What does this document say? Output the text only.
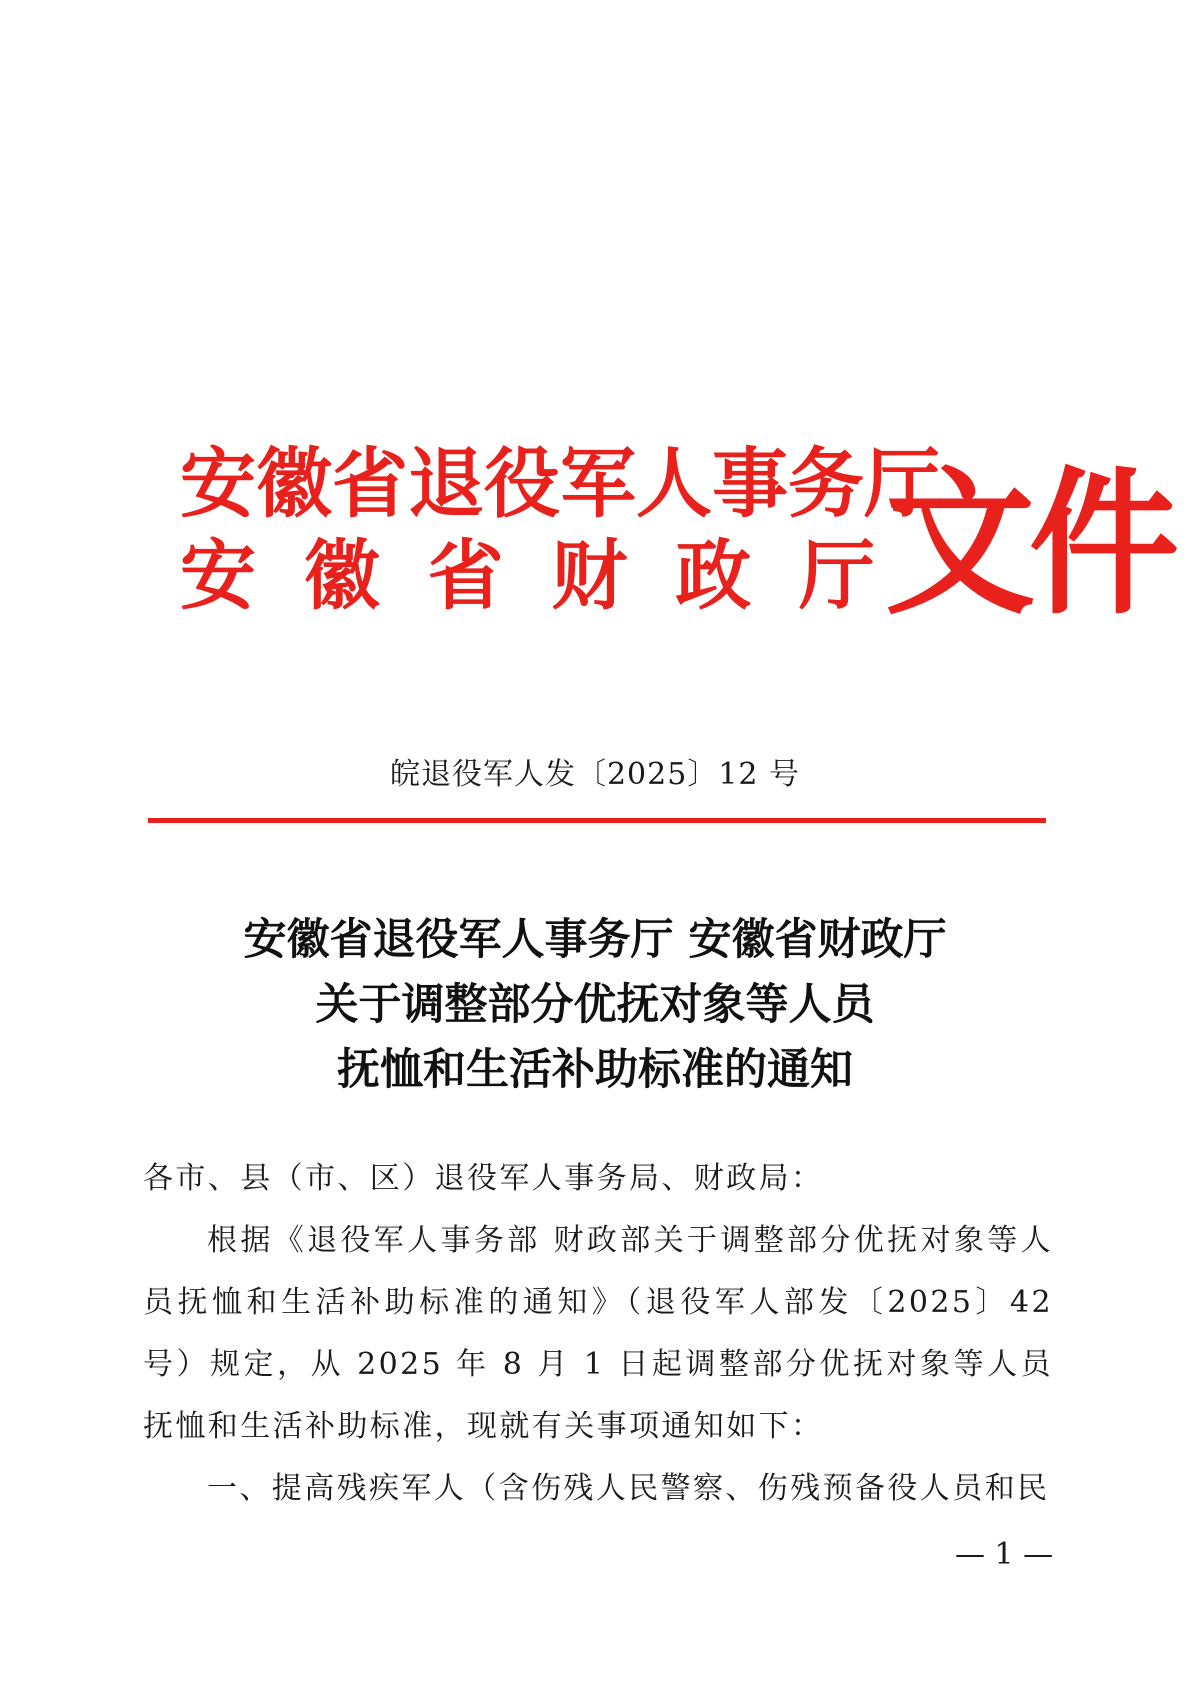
安徽省退役军人事务厅
安 徽 省 财 政 厅 文件
皖退役军人发〔2025〕12 号
安徽省退役军人事务厅 安徽省财政厅
关于调整部分优抚对象等人员
抚恤和生活补助标准的通知

各市、县（市、区）退役军人事务局、财政局：

根据《退役军人事务部 财政部关于调整部分优抚对象等人员抚恤和生活补助标准的通知》（退役军人部发〔2025〕42 号）规定，从 2025 年 8 月 1 日起调整部分优抚对象等人员抚恤和生活补助标准，现就有关事项通知如下：

一、提高残疾军人（含伤残人民警察、伤残预备役人员和民

— 1 —
